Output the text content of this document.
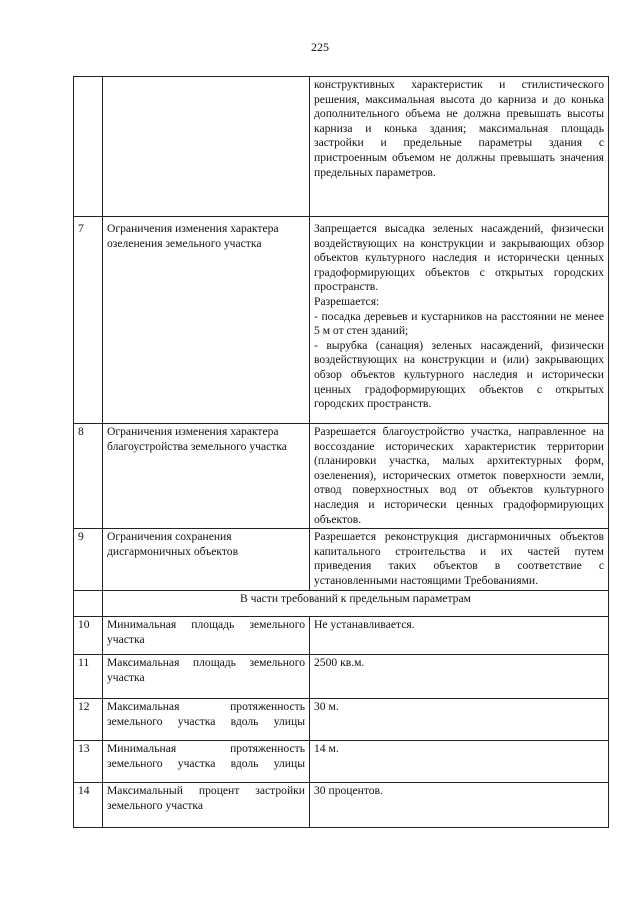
225
		конструктивных характеристик и стилистического решения, максимальная высота до карниза и до конька дополнительного объема не должна превышать высоты карниза и конька здания; максимальная площадь застройки и предельные параметры здания с пристроенным объемом не должны превышать значения предельных параметров.
7	Ограничения изменения характера озеленения земельного участка	Запрещается высадка зеленых насаждений, физически воздействующих на конструкции и закрывающих обзор объектов культурного наследия и исторически ценных градоформирующих объектов с открытых городских пространств.
Разрешается:
- посадка деревьев и кустарников на расстоянии не менее 5 м от стен зданий;
- вырубка (санация) зеленых насаждений, физически воздействующих на конструкции и (или) закрывающих обзор объектов культурного наследия и исторически ценных градоформирующих объектов с открытых городских пространств.

8	Ограничения изменения характера благоустройства земельного участка	Разрешается благоустройство участка, направленное на воссоздание исторических характеристик территории (планировки участка, малых архитектурных форм, озеленения), исторических отметок поверхности земли, отвод поверхностных вод от объектов культурного наследия и исторически ценных градоформирующих объектов.
9	Ограничения сохранения дисгармоничных объектов	Разрешается реконструкция дисгармоничных объектов капитального строительства и их частей путем приведения таких объектов в соответствие с установленными настоящими Требованиями.
	В части требований к предельным параметрам	
10	Минимальная площадь земельного участка	Не устанавливается.
11	Максимальная площадь земельного участка	2500 кв.м.
12	Максимальная протяженность земельного участка вдоль улицы	30 м.
13	Минимальная протяженность земельного участка вдоль улицы	14 м.
14	Максимальный процент застройки земельного участка	30 процентов.
